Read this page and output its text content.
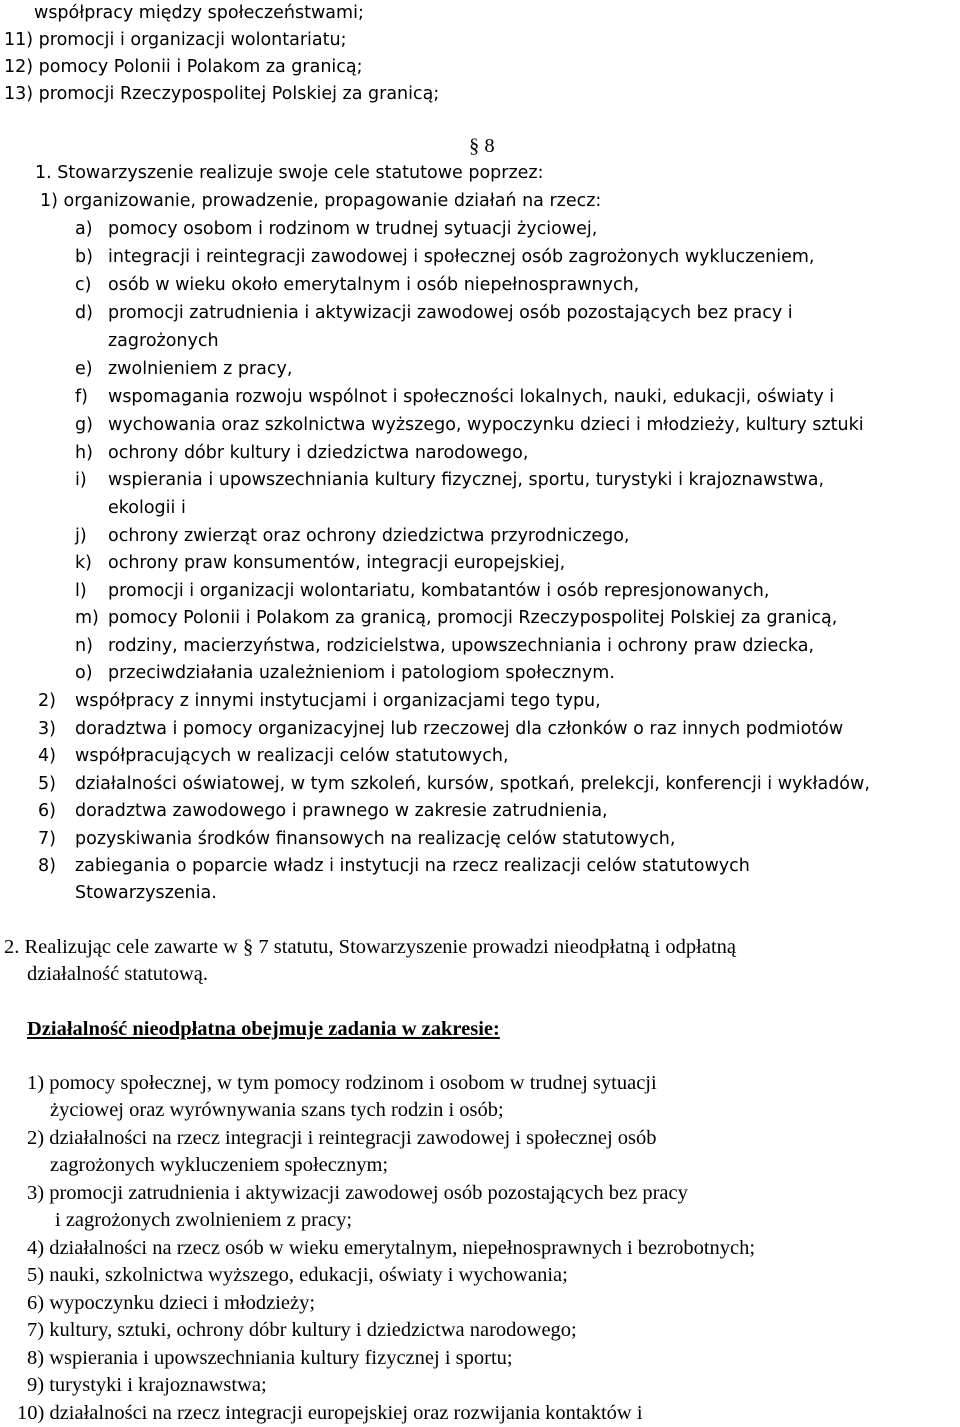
współpracy między społeczeństwami;
11) promocji i organizacji wolontariatu;
12) pomocy Polonii i Polakom za granicą;
13) promocji Rzeczypospolitej Polskiej za granicą;
§ 8
1. Stowarzyszenie realizuje swoje cele statutowe poprzez:
1) organizowanie, prowadzenie, propagowanie działań na rzecz:
a) pomocy osobom i rodzinom w trudnej sytuacji życiowej,
b) integracji i reintegracji zawodowej i społecznej osób zagrożonych wykluczeniem,
c) osób w wieku około emerytalnym i osób niepełnosprawnych,
d) promocji zatrudnienia i aktywizacji zawodowej osób pozostających bez pracy i
zagrożonych
e) zwolnieniem z pracy,
f) wspomagania rozwoju wspólnot i społeczności lokalnych, nauki, edukacji, oświaty i
g) wychowania oraz szkolnictwa wyższego, wypoczynku dzieci i młodzieży, kultury sztuki
h) ochrony dóbr kultury i dziedzictwa narodowego,
i) wspierania i upowszechniania kultury fizycznej, sportu, turystyki i krajoznawstwa,
ekologii i
j) ochrony zwierząt oraz ochrony dziedzictwa przyrodniczego,
k) ochrony praw konsumentów, integracji europejskiej,
l) promocji i organizacji wolontariatu, kombatantów i osób represjonowanych,
m) pomocy Polonii i Polakom za granicą, promocji Rzeczypospolitej Polskiej za granicą,
n) rodziny, macierzyństwa, rodzicielstwa, upowszechniania i ochrony praw dziecka,
o) przeciwdziałania uzależnieniom i patologiom społecznym.
2) współpracy z innymi instytucjami i organizacjami tego typu,
3) doradztwa i pomocy organizacyjnej lub rzeczowej dla członków o raz innych podmiotów
4) współpracujących w realizacji celów statutowych,
5) działalności oświatowej, w tym szkoleń, kursów, spotkań, prelekcji, konferencji i wykładów,
6) doradztwa zawodowego i prawnego w zakresie zatrudnienia,
7) pozyskiwania środków finansowych na realizację celów statutowych,
8) zabiegania o poparcie władz i instytucji na rzecz realizacji celów statutowych
Stowarzyszenia.
2. Realizując cele zawarte w § 7 statutu, Stowarzyszenie prowadzi nieodpłatną i odpłatną
działalność statutową.
Działalność nieodpłatna obejmuje zadania w zakresie:
1) pomocy społecznej, w tym pomocy rodzinom i osobom w trudnej sytuacji
życiowej oraz wyrównywania szans tych rodzin i osób;
2) działalności na rzecz integracji i reintegracji zawodowej i społecznej osób
zagrożonych wykluczeniem społecznym;
3) promocji zatrudnienia i aktywizacji zawodowej osób pozostających bez pracy
i zagrożonych zwolnieniem z pracy;
4) działalności na rzecz osób w wieku emerytalnym, niepełnosprawnych i bezrobotnych;
5) nauki, szkolnictwa wyższego, edukacji, oświaty i wychowania;
6) wypoczynku dzieci i młodzieży;
7) kultury, sztuki, ochrony dóbr kultury i dziedzictwa narodowego;
8) wspierania i upowszechniania kultury fizycznej i sportu;
9) turystyki i krajoznawstwa;
10) działalności na rzecz integracji europejskiej oraz rozwijania kontaktów i
